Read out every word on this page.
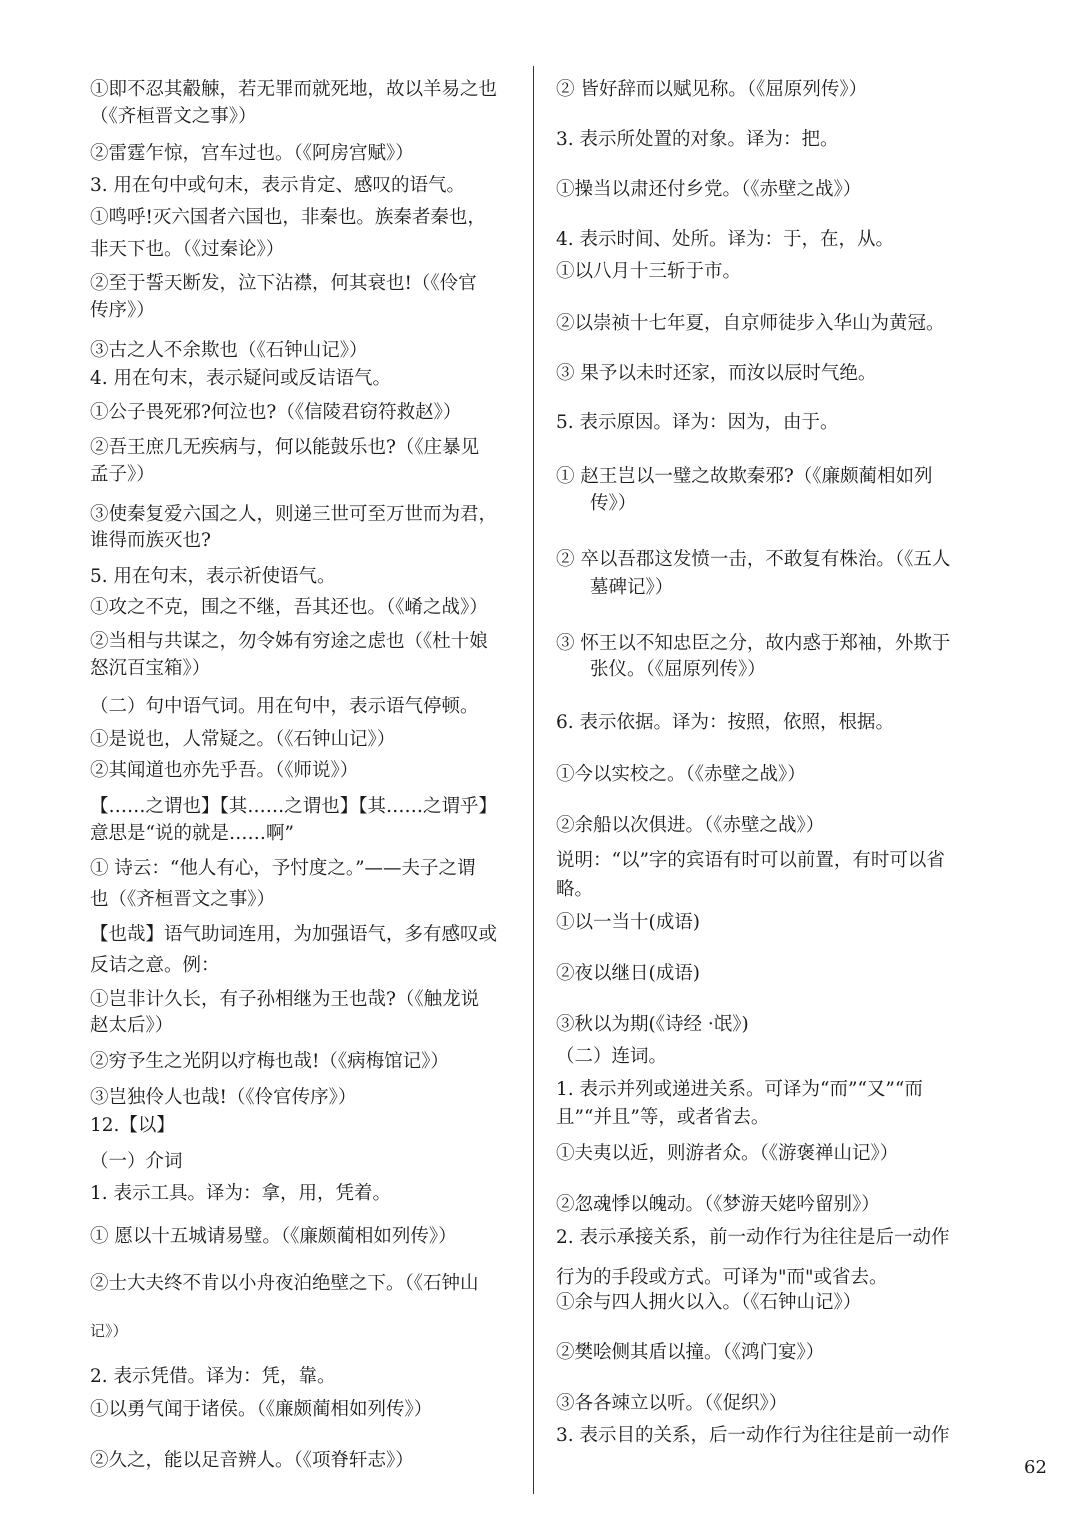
①即不忍其觳觫，若无罪而就死地，故以羊易之也
（《齐桓晋文之事》）
②雷霆乍惊，宫车过也。（《阿房宫赋》）
3. 用在句中或句末，表示肯定、感叹的语气。
①鸣呼!灭六国者六国也，非秦也。族秦者秦也，
非天下也。（《过秦论》）
②至于誓天断发，泣下沾襟，何其衰也!（《伶官
传序》）
③古之人不余欺也（《石钟山记》）
4. 用在句末，表示疑问或反诘语气。
①公子畏死邪?何泣也?（《信陵君窃符救赵》）
②吾王庶几无疾病与，何以能鼓乐也?（《庄暴见
孟子》）
③使秦复爱六国之人，则递三世可至万世而为君，
谁得而族灭也?
5. 用在句末，表示祈使语气。
①攻之不克，围之不继，吾其还也。（《崤之战》）
②当相与共谋之，勿令姊有穷途之虑也（《杜十娘
怒沉百宝箱》）
（二）句中语气词。用在句中，表示语气停顿。
①是说也，人常疑之。（《石钟山记》）
②其闻道也亦先乎吾。（《师说》）
【……之谓也】【其……之谓也】【其……之谓乎】
意思是“说的就是……啊”
① 诗云：“他人有心，予忖度之。”——夫子之谓
也（《齐桓晋文之事》）
【也哉】语气助词连用，为加强语气，多有感叹或
反诘之意。例：
①岂非计久长，有子孙相继为王也哉?（《触龙说
赵太后》）
②穷予生之光阴以疗梅也哉!（《病梅馆记》）
③岂独伶人也哉!（《伶官传序》）
12.【以】
（一）介词
1. 表示工具。译为：拿，用，凭着。
① 愿以十五城请易璧。（《廉颇蔺相如列传》）
②士大夫终不肯以小舟夜泊绝壁之下。（《石钟山
记》）
2. 表示凭借。译为：凭，靠。
①以勇气闻于诸侯。（《廉颇蔺相如列传》）
②久之，能以足音辨人。（《项脊轩志》）
② 皆好辞而以赋见称。（《屈原列传》）
3. 表示所处置的对象。译为：把。
①操当以肃还付乡党。（《赤壁之战》）
4. 表示时间、处所。译为：于，在，从。
①以八月十三斩于市。
②以崇祯十七年夏，自京师徒步入华山为黄冠。
③ 果予以未时还家，而汝以辰时气绝。
5. 表示原因。译为：因为，由于。
① 赵王岂以一璧之故欺秦邪?（《廉颇蔺相如列
传》）
② 卒以吾郡这发愤一击，不敢复有株治。（《五人
墓碑记》）
③ 怀王以不知忠臣之分，故内惑于郑袖，外欺于
张仪。（《屈原列传》）
6. 表示依据。译为：按照，依照，根据。
①今以实校之。（《赤壁之战》）
②余船以次俱进。（《赤壁之战》）
说明：“以”字的宾语有时可以前置，有时可以省
略。
①以一当十(成语)
②夜以继日(成语)
③秋以为期(《诗经 ·氓》)
（二）连词。
1. 表示并列或递进关系。可译为“而”“又”“而
且”“并且”等，或者省去。
①夫夷以近，则游者众。（《游褒禅山记》）
②忽魂悸以魄动。（《梦游天姥吟留别》）
2. 表示承接关系，前一动作行为往往是后一动作
行为的手段或方式。可译为"而"或省去。
①余与四人拥火以入。（《石钟山记》）
②樊哙侧其盾以撞。（《鸿门宴》）
③各各竦立以听。（《促织》）
3. 表示目的关系，后一动作行为往往是前一动作
62
